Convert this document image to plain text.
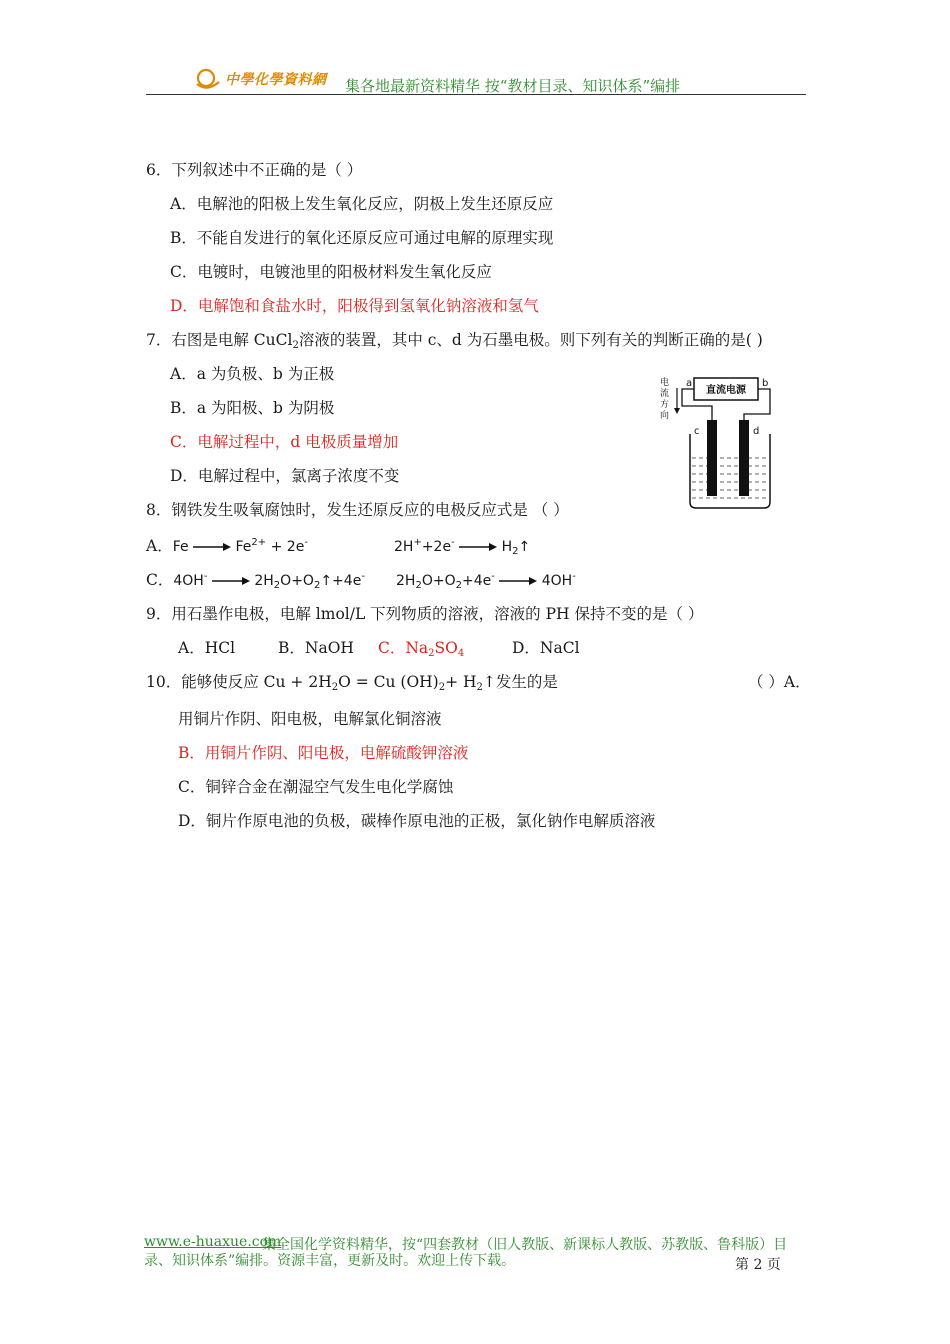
中學化學資料網 集各地最新资料精华 按“教材目录、知识体系”编排
6．下列叙述中不正确的是（ ）
A．电解池的阳极上发生氧化反应，阴极上发生还原反应
B．不能自发进行的氧化还原反应可通过电解的原理实现
C．电镀时，电镀池里的阳极材料发生氧化反应
D．电解饱和食盐水时，阳极得到氢氧化钠溶液和氢气
7．右图是电解 CuCl$_2$溶液的装置，其中 c、d 为石墨电极。则下列有关的判断正确的是( )
A．a 为负极、b 为正极
B．a 为阳极、b 为阴极
C．电解过程中，d 电极质量增加
D．电解过程中，氯离子浓度不变
电
流
方
向
直流电源
a	b
c	d
8．钢铁发生吸氧腐蚀时，发生还原反应的电极反应式是 （ ）
A．$Fe \to Fe^{2+} + 2e^-$	$2H^++2e^- \to H_2↑$
C．$4OH^- \to 2H_2O+O_2↑+4e^-$ $2H_2O+O_2+4e^- \to 4OH^-$
9．用石墨作电极，电解 lmol/L 下列物质的溶液，溶液的 PH 保持不变的是（ ）
A．HCl	B．NaOH C．$Na_2SO_4$	D．NaCl
10．能够使反应 $Cu + 2H_2O = Cu$ $(OH)_2+$ $H_2↑$发生的是	（ ）A．
用铜片作阴、阳电极，电解氯化铜溶液
B．用铜片作阴、阳电极，电解硫酸钾溶液
C．铜锌合金在潮湿空气发生电化学腐蚀
D．铜片作原电池的负极，碳棒作原电池的正极，氯化钠作电解质溶液
www.e-huaxue.com
集全国化学资料精华，按“四套教材（旧人教版、新课标人教版、苏教版、鲁科版）目
录、知识体系”编排。资源丰富，更新及时。欢迎上传下载。	第 2 页
